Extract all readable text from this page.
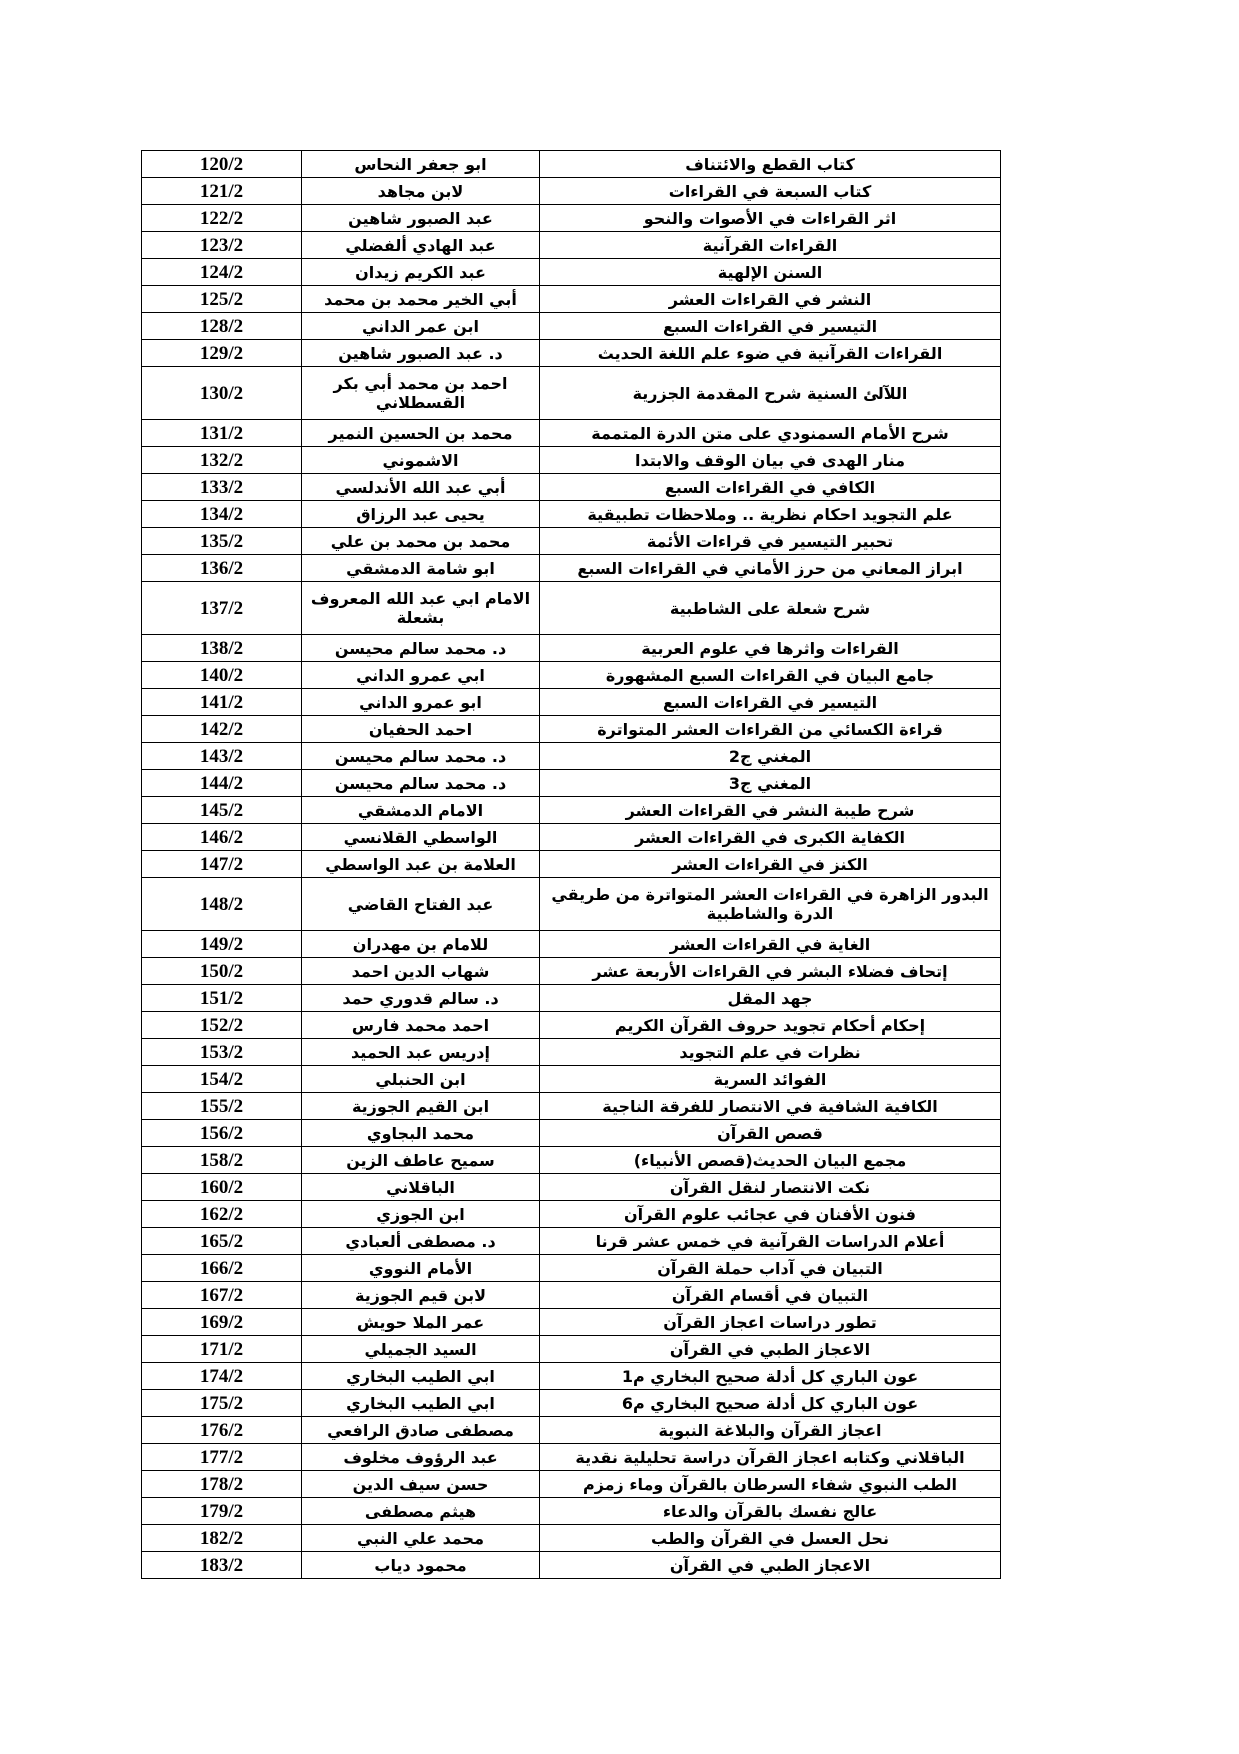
120/2	ابو جعفر النحاس	كتاب القطع والائتناف
121/2	لابن مجاهد	كتاب السبعة في القراءات
122/2	عبد الصبور شاهين	اثر القراءات في الأصوات والنحو
123/2	عبد الهادي ألفضلي	القراءات القرآنية
124/2	عبد الكريم زيدان	السنن الإلهية
125/2	أبي الخير محمد بن محمد	النشر في القراءات العشر
128/2	ابن عمر الداني	التيسير في القراءات السبع
129/2	د. عبد الصبور شاهين	القراءات القرآنية في ضوء علم اللغة الحديث
130/2	احمد بن محمد أبي بكر القسطلاني	اللآلئ السنية شرح المقدمة الجزرية
131/2	محمد بن الحسين النمير	شرح الأمام السمنودي على متن الدرة المتممة
132/2	الاشموني	منار الهدى في بيان الوقف والابتدا
133/2	أبي عبد الله الأندلسي	الكافي في القراءات السبع
134/2	يحيى عبد الرزاق	علم التجويد احكام نظرية .. وملاحظات تطبيقية
135/2	محمد بن محمد بن علي	تحبير التيسير في قراءات الأئمة
136/2	ابو شامة الدمشقي	ابراز المعاني من حرز الأماني في القراءات السبع
137/2	الامام ابي عبد الله المعروف بشعلة	شرح شعلة على الشاطبية
138/2	د. محمد سالم محيسن	القراءات واثرها في علوم العربية
140/2	ابي عمرو الداني	جامع البيان في القراءات السبع المشهورة
141/2	ابو عمرو الداني	التيسير في القراءات السبع
142/2	احمد الحفيان	قراءة الكسائي من القراءات العشر المتواترة
143/2	د. محمد سالم محيسن	المغني ج2
144/2	د. محمد سالم محيسن	المغني ج3
145/2	الامام الدمشقي	شرح طيبة النشر في القراءات العشر
146/2	الواسطي القلانسي	الكفاية الكبرى في القراءات العشر
147/2	العلامة بن عبد الواسطي	الكنز في القراءات العشر
148/2	عبد الفتاح القاضي	البدور الزاهرة في القراءات العشر المتواترة من طريقي الدرة والشاطبية
149/2	للامام بن مهدران	الغاية في القراءات العشر
150/2	شهاب الدين احمد	إتحاف فضلاء البشر في القراءات الأربعة عشر
151/2	د. سالم قدوري حمد	جهد المقل
152/2	احمد محمد فارس	إحكام أحكام تجويد حروف القرآن الكريم
153/2	إدريس عبد الحميد	نظرات في علم التجويد
154/2	ابن الحنبلي	الفوائد السرية
155/2	ابن القيم الجوزية	الكافية الشافية في الانتصار للفرقة الناجية
156/2	محمد البجاوي	قصص القرآن
158/2	سميح عاطف الزين	مجمع البيان الحديث(قصص الأنبياء)
160/2	الباقلاني	نكت الانتصار لنقل القرآن
162/2	ابن الجوزي	فنون الأفنان في عجائب علوم القرآن
165/2	د. مصطفى ألعبادي	أعلام الدراسات القرآنية في خمس عشر قرنا
166/2	الأمام النووي	التبيان في آداب حملة القرآن
167/2	لابن قيم الجوزية	التبيان في أقسام القرآن
169/2	عمر الملا حويش	تطور دراسات اعجاز القرآن
171/2	السيد الجميلي	الاعجاز الطبي في القرآن
174/2	ابي الطيب البخاري	عون الباري كل أدلة صحيح البخاري م1
175/2	ابي الطيب البخاري	عون الباري كل أدلة صحيح البخاري م6
176/2	مصطفى صادق الرافعي	اعجاز القرآن والبلاغة النبوية
177/2	عبد الرؤوف مخلوف	الباقلاني وكتابه اعجاز القرآن دراسة تحليلية نقدية
178/2	حسن سيف الدين	الطب النبوي شفاء السرطان بالقرآن وماء زمزم
179/2	هيثم مصطفى	عالج نفسك بالقرآن والدعاء
182/2	محمد علي النبي	نحل العسل في القرآن والطب
183/2	محمود دياب	الاعجاز الطبي في القرآن
